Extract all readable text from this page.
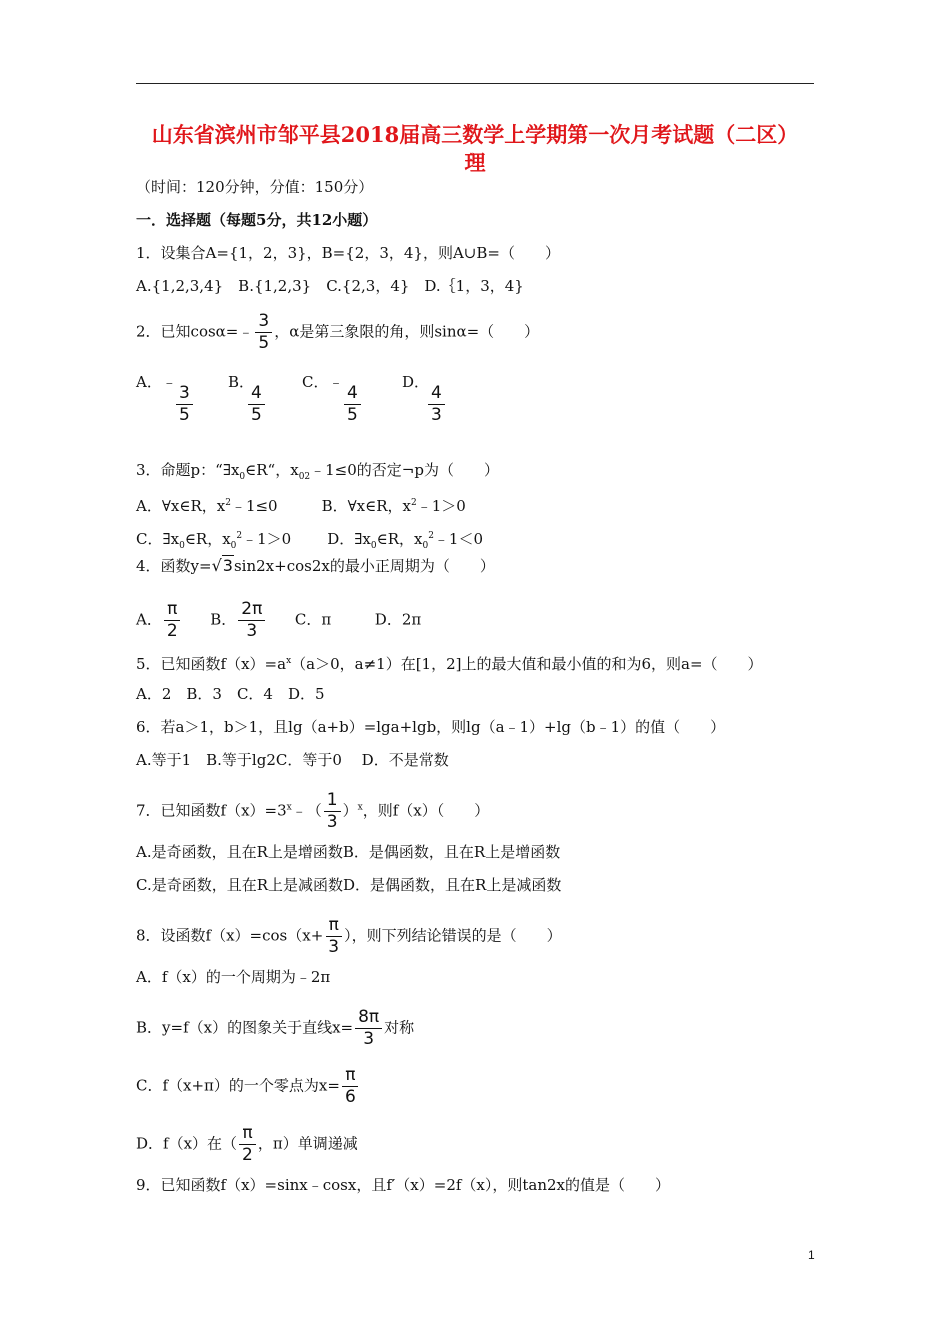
山东省滨州市邹平县2018届高三数学上学期第一次月考试题（二区）
理
（时间：120分钟，分值：150分）
一．选择题（每题5分，共12小题）
1．设集合A={1，2，3}，B={2，3，4}，则A∪B=（　　）
A.{1,2,3,4}　B.{1,2,3}　C.{2,3，4}　D.｛1，3，4}
2．已知cosα=﹣ $\frac{3}{5}$ ，α是第三象限的角，则sinα=（　　）
A．﹣
$\frac{3}{5}$
B．
$\frac{4}{5}$
C．﹣
$\frac{4}{5}$
D．
$\frac{4}{3}$
3．命题p：“$\exists x_0\in R“$，$x_{02}﹣1\le 0$的否定¬p为（　　）
A．∀x∈R，$x^2﹣1\le 0$	B．∀x∈R，$x^2﹣1>0$
C．$\exists x_0\in R$，$x_0^2﹣1>0$ D．$\exists x_0\in R$，$x_0^2﹣1<0$
4．函数y=√3sin2x+cos2x的最小正周期为（　　）
A． $\frac{\pi}{2}$ B． $\frac{2\pi}{3}$ C．π	D．2π
5．已知函数$f(x)=a^x(a>0$，a≠1）在[1，2]上的最大值和最小值的和为6，则a=（　　）
A．2　B．3　C．4　D．5
6．若a＞1，b＞1，且lg（a+b）=lga+lgb，则lg（a﹣1）+lg（b﹣1）的值（　　）
A.等于1　B.等于lg2C．等于0　 D．不是常数
7．已知函数$f(x)=3^x﹣( \frac{1}{3} )^x$，则f（x）（　　）
A.是奇函数，且在R上是增函数B．是偶函数，且在R上是增函数
C.是奇函数，且在R上是减函数D．是偶函数，且在R上是减函数
8．设函数$f(x)=\cos(x+ \frac{\pi}{3}$ ），则下列结论错误的是（　　）
A．f（x）的一个周期为﹣2π
B．y=f（x）的图象关于直线$x= \frac{8\pi}{3}$ 对称
C．f（x+π）的一个零点为$x= \frac{\pi}{6}$
D．f（x）在（ $\frac{\pi}{2}$ ，π）单调递减
9．已知函数f（x）=sinx﹣cosx，且f′（x）=2f（x），则tan2x的值是（　　）
1
